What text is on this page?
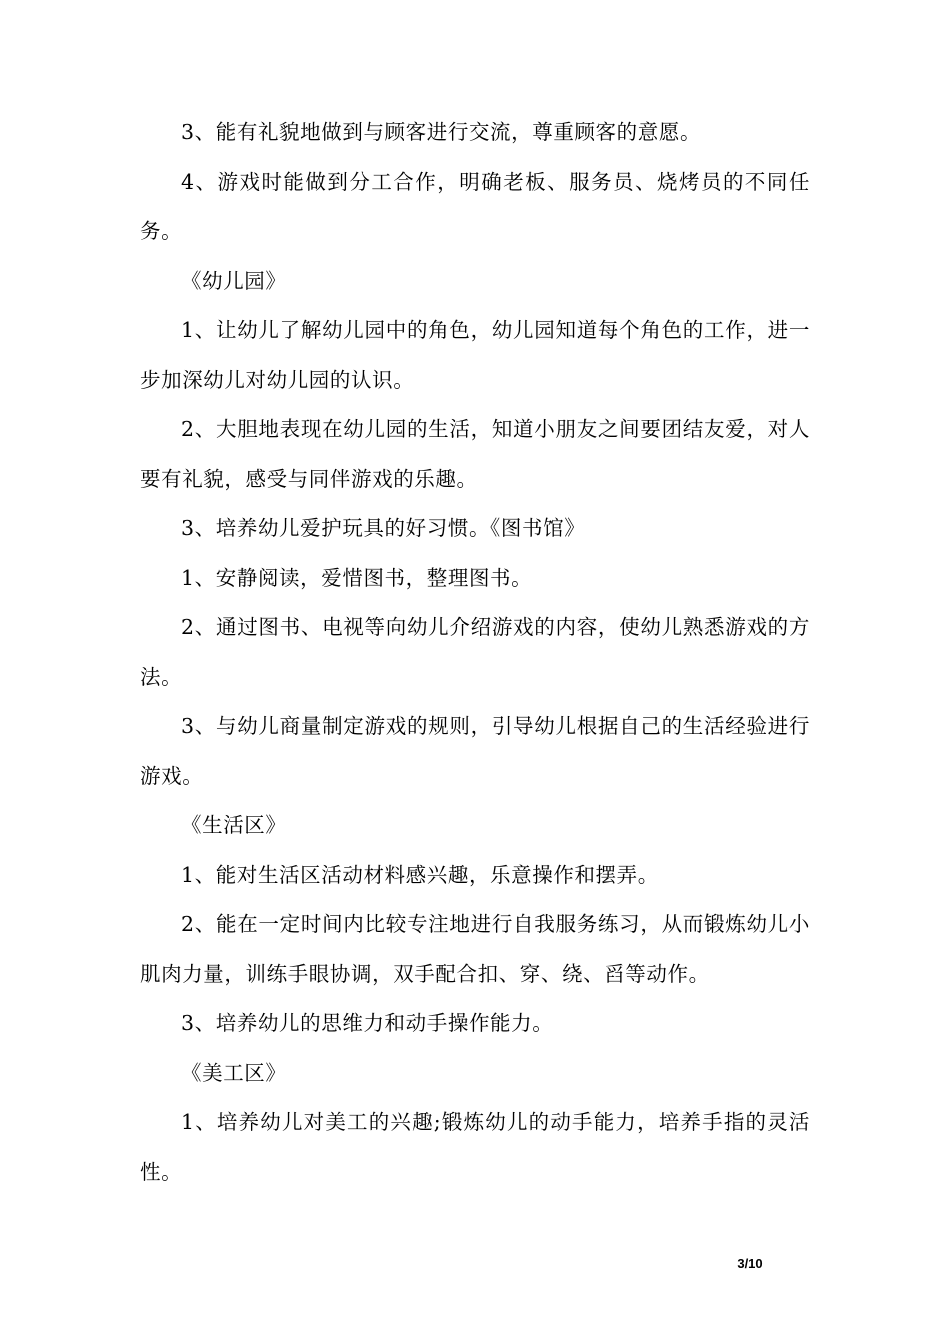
3、能有礼貌地做到与顾客进行交流，尊重顾客的意愿。

4、游戏时能做到分工合作，明确老板、服务员、烧烤员的不同任务。

《幼儿园》

1、让幼儿了解幼儿园中的角色，幼儿园知道每个角色的工作，进一步加深幼儿对幼儿园的认识。

2、大胆地表现在幼儿园的生活，知道小朋友之间要团结友爱，对人要有礼貌，感受与同伴游戏的乐趣。

3、培养幼儿爱护玩具的好习惯。《图书馆》

1、安静阅读，爱惜图书，整理图书。

2、通过图书、电视等向幼儿介绍游戏的内容，使幼儿熟悉游戏的方法。

3、与幼儿商量制定游戏的规则，引导幼儿根据自己的生活经验进行游戏。

《生活区》

1、能对生活区活动材料感兴趣，乐意操作和摆弄。

2、能在一定时间内比较专注地进行自我服务练习，从而锻炼幼儿小肌肉力量，训练手眼协调，双手配合扣、穿、绕、舀等动作。

3、培养幼儿的思维力和动手操作能力。

《美工区》

1、培养幼儿对美工的兴趣;锻炼幼儿的动手能力，培养手指的灵活性。

3/10
